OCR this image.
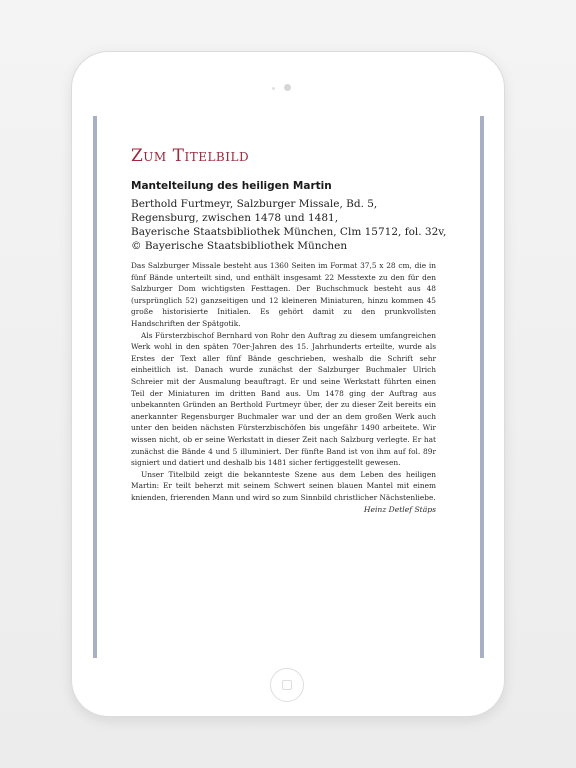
Zum Titelbild
Mantelteilung des heiligen Martin
Berthold Furtmeyr, Salzburger Missale, Bd. 5,
Regensburg, zwischen 1478 und 1481,
Bayerische Staatsbibliothek München, Clm 15712, fol. 32v,
© Bayerische Staatsbibliothek München

Das Salzburger Missale besteht aus 1360 Seiten im Format 37,5 x 28 cm, die in fünf Bände unterteilt sind, und enthält insgesamt 22 Messtexte zu den für den Salzburger Dom wichtigsten Festtagen. Der Buchschmuck besteht aus 48 (ursprünglich 52) ganzseitigen und 12 kleineren Miniaturen, hinzu kommen 45 große historisierte Initialen. Es gehört damit zu den prunkvollsten Handschriften der Spätgotik.

Als Fürsterzbischof Bernhard von Rohr den Auftrag zu diesem umfangreichen Werk wohl in den späten 70er-Jahren des 15. Jahrhunderts erteilte, wurde als Erstes der Text aller fünf Bände geschrieben, weshalb die Schrift sehr einheitlich ist. Danach wurde zunächst der Salzburger Buchmaler Ulrich Schreier mit der Ausmalung beauftragt. Er und seine Werkstatt führten einen Teil der Miniaturen im dritten Band aus. Um 1478 ging der Auftrag aus unbekannten Gründen an Berthold Furtmeyr über, der zu dieser Zeit bereits ein anerkannter Regensburger Buchmaler war und der an dem großen Werk auch unter den beiden nächsten Fürsterzbischöfen bis ungefähr 1490 arbeitete. Wir wissen nicht, ob er seine Werkstatt in dieser Zeit nach Salzburg verlegte. Er hat zunächst die Bände 4 und 5 illuminiert. Der fünfte Band ist von ihm auf fol. 89r signiert und datiert und deshalb bis 1481 sicher fertiggestellt gewesen.

Unser Titelbild zeigt die bekannteste Szene aus dem Leben des heiligen Martin: Er teilt beherzt mit seinem Schwert seinen blauen Mantel mit einem knienden, frierenden Mann und wird so zum Sinnbild christlicher Nächstenliebe.

Heinz Detlef Stäps
